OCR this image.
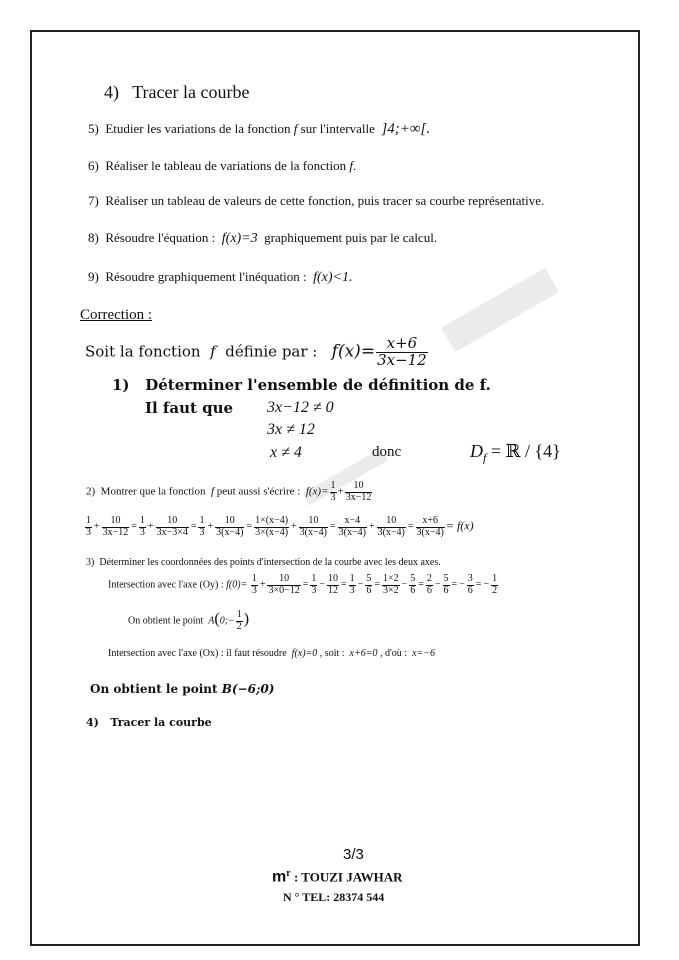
4) Tracer la courbe
5) Etudier les variations de la fonction f sur l'intervalle ]4;+∞[.
6) Réaliser le tableau de variations de la fonction f.
7) Réaliser un tableau de valeurs de cette fonction, puis tracer sa courbe représentative.
8) Résoudre l'équation : f(x)=3 graphiquement puis par le calcul.
9) Résoudre graphiquement l'inéquation : f(x)<1.
Correction :
Soit la fonction f définie par : $f(x)= \frac{x+6}{3x-12}$
1) Déterminer l'ensemble de définition de f.
Il faut que 3x−12 ≠ 0
3x ≠ 12
x ≠ 4	donc	$D_f$ = ℝ / {4}
2) Montrer que la fonction f peut aussi s'écrire : $f(x)= \frac{1}{3} + \frac{10}{3x-12}$
$\frac{1}{3} + \frac{10}{3x-12} = \frac{1}{3} + \frac{10}{3x-3\times 4} = \frac{1}{3} + \frac{10}{3(x-4)} = \frac{1\times(x-4)}{3\times(x-4)} + \frac{10}{3(x-4)} = \frac{x-4}{3(x-4)} + \frac{10}{3(x-4)} = \frac{x+6}{3(x-4)} = f(x)$
3) Déterminer les coordonnées des points d'intersection de la courbe avec les deux axes.
Intersection avec l'axe (Oy) : $f(0)= \frac{1}{3} + \frac{10}{3\times 0-12} = \frac{1}{3} - \frac{10}{12} = \frac{1}{3} - \frac{5}{6} = \frac{1\times 2}{3\times 2} - \frac{5}{6} = \frac{2}{6} - \frac{5}{6}$ = − $\frac{3}{6}$ = − $\frac{1}{2}$
On obtient le point A(0;− $\frac{1}{2}$ )
Intersection avec l'axe (Ox) : il faut résoudre f(x)=0 , soit : x+6=0 , d'où : x=−6
On obtient le point B(−6;0)
4) Tracer la courbe
3/3
$m^r$ : TOUZI JAWHAR
N ° TEL: 28374 544
